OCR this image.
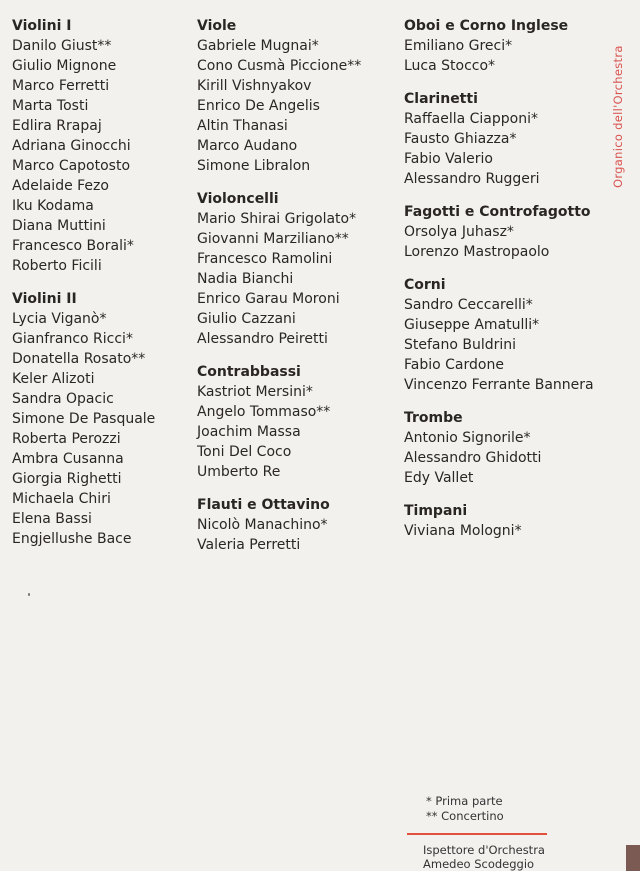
Violini I
Danilo Giust**
Giulio Mignone
Marco Ferretti
Marta Tosti
Edlira Rrapaj
Adriana Ginocchi
Marco Capotosto
Adelaide Fezo
Iku Kodama
Diana Muttini
Francesco Borali*
Roberto Ficili
Violini II
Lycia Viganò*
Gianfranco Ricci*
Donatella Rosato**
Keler Alizoti
Sandra Opacic
Simone De Pasquale
Roberta Perozzi
Ambra Cusanna
Giorgia Righetti
Michaela Chiri
Elena Bassi
Engjellushe Bace
Viole
Gabriele Mugnai*
Cono Cusmà Piccione**
Kirill Vishnyakov
Enrico De Angelis
Altin Thanasi
Marco Audano
Simone Libralon
Violoncelli
Mario Shirai Grigolato*
Giovanni Marziliano**
Francesco Ramolini
Nadia Bianchi
Enrico Garau Moroni
Giulio Cazzani
Alessandro Peiretti
Contrabbassi
Kastriot Mersini*
Angelo Tommaso**
Joachim Massa
Toni Del Coco
Umberto Re
Flauti e Ottavino
Nicolò Manachino*
Valeria Perretti
Oboi e Corno Inglese
Emiliano Greci*
Luca Stocco*
Clarinetti
Raffaella Ciapponi*
Fausto Ghiazza*
Fabio Valerio
Alessandro Ruggeri
Fagotti e Controfagotto
Orsolya Juhasz*
Lorenzo Mastropaolo
Corni
Sandro Ceccarelli*
Giuseppe Amatulli*
Stefano Buldrini
Fabio Cardone
Vincenzo Ferrante Bannera
Trombe
Antonio Signorile*
Alessandro Ghidotti
Edy Vallet
Timpani
Viviana Mologni*
Organico dell'Orchestra
* Prima parte
** Concertino
Ispettore d'Orchestra
Amedeo Scodeggio
